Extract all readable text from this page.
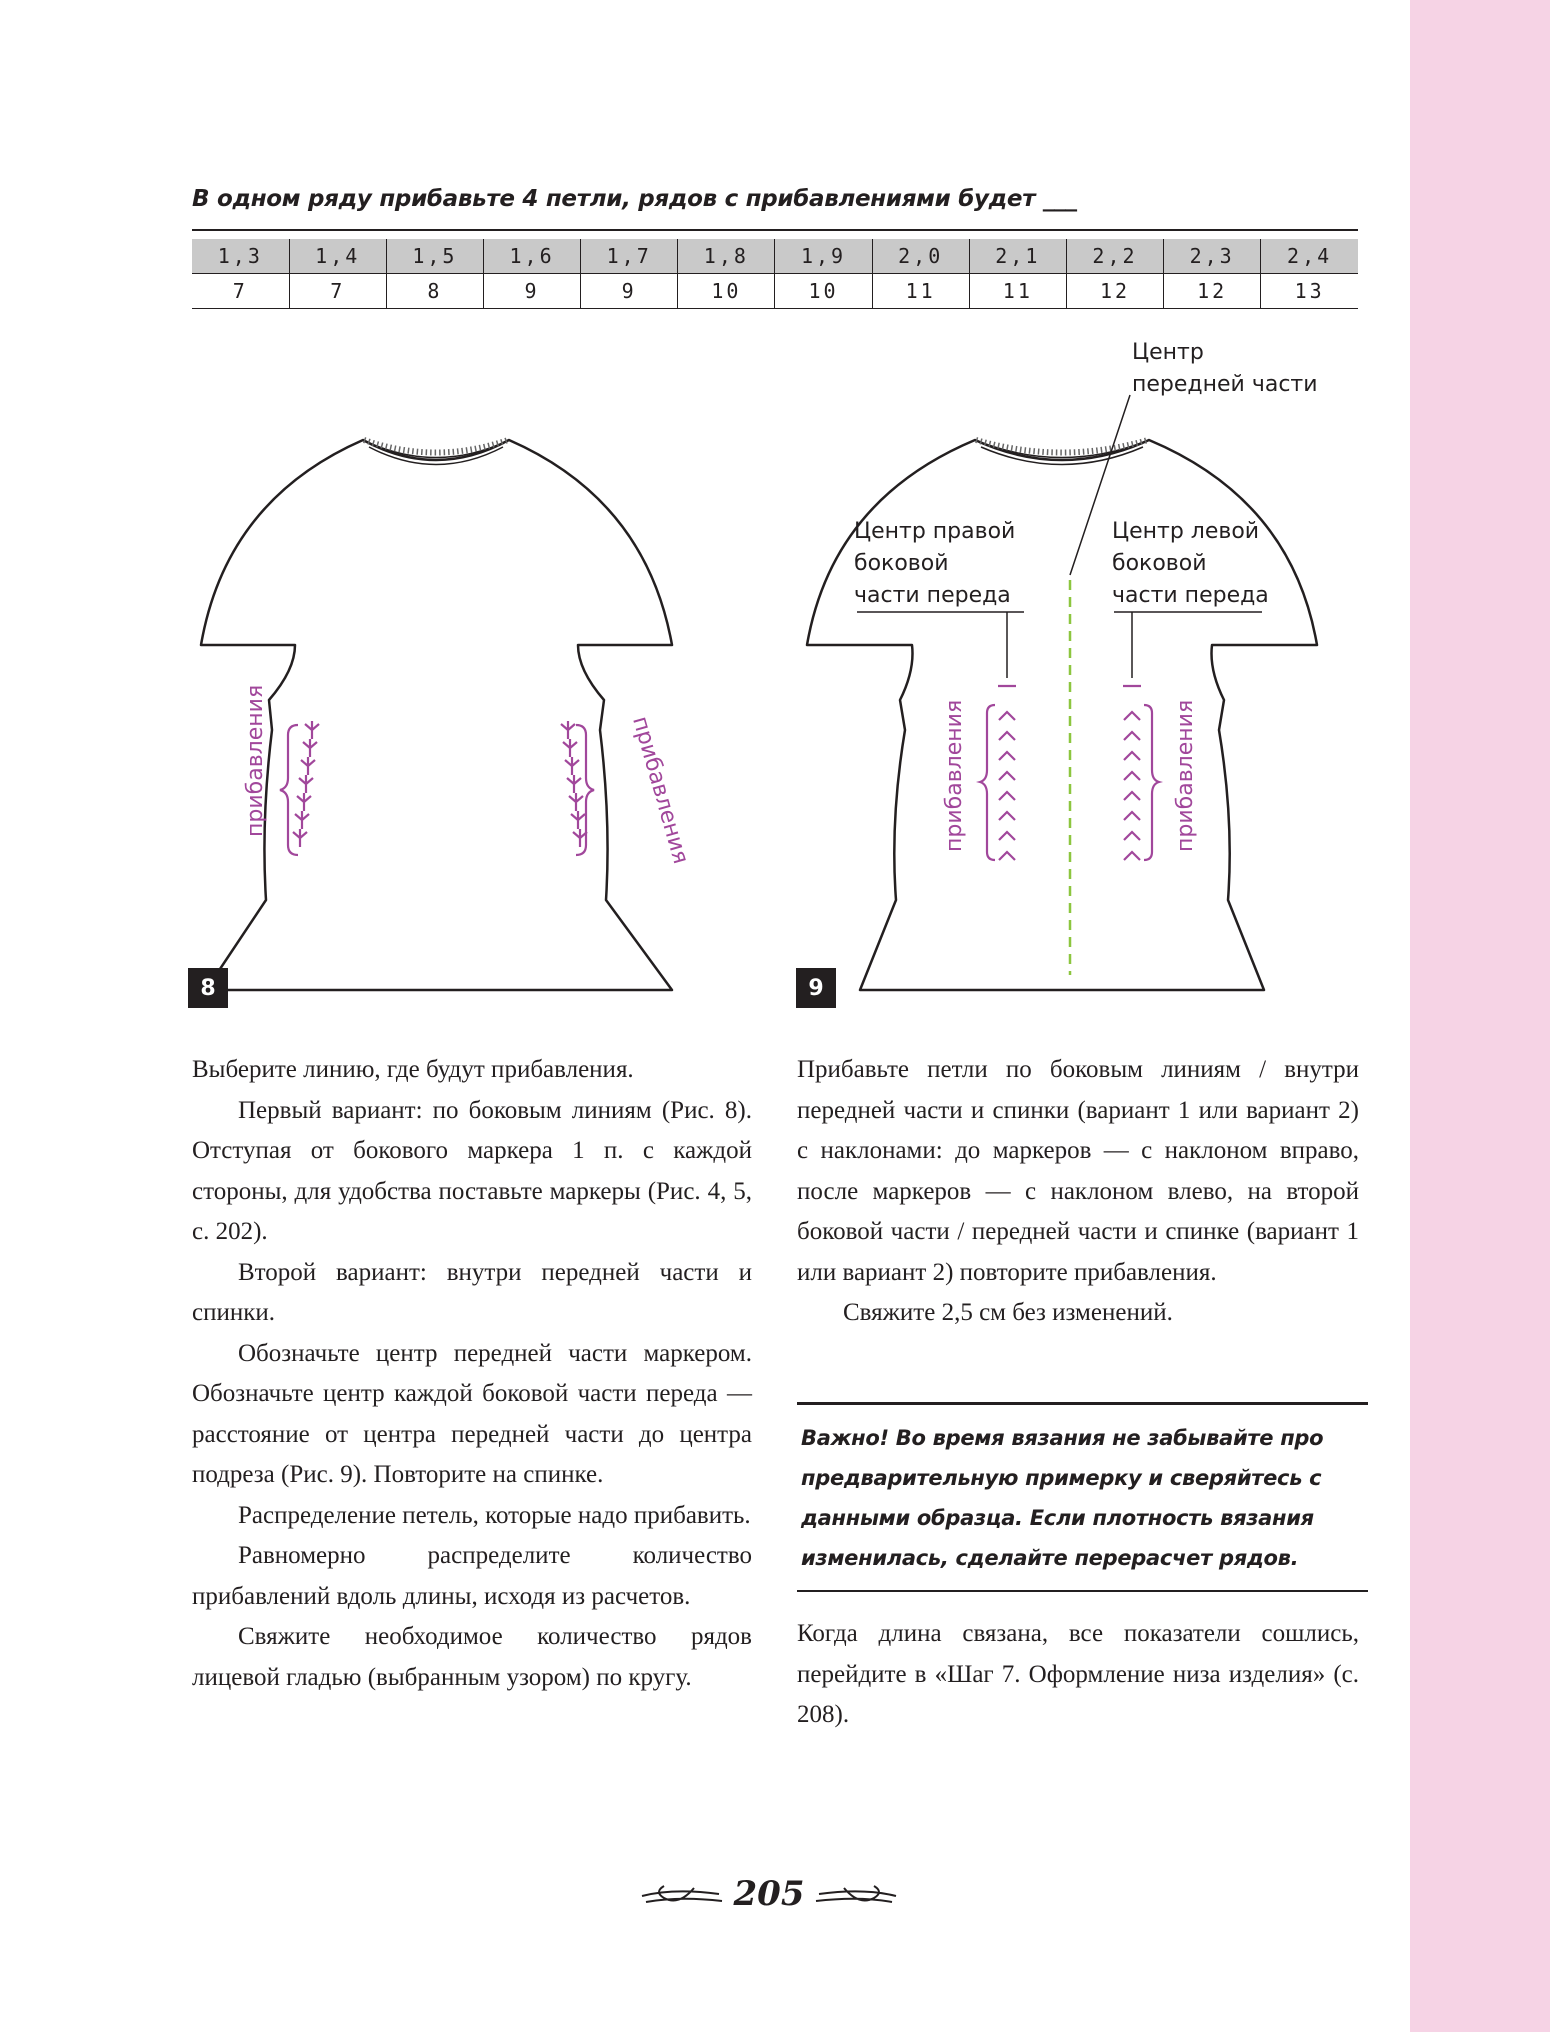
В одном ряду прибавьте 4 петли, рядов с прибавлениями будет ___
1,3	1,4	1,5	1,6	1,7	1,8	1,9	2,0	2,1	2,2	2,3	2,4
7	7	8	9	9	10	10	11	11	12	12	13
прибавления	прибавления
8
Центр
передней части
Центр правой
боковой
части переда
Центр левой
боковой
части переда
прибавления	прибавления
9

Выберите линию, где будут прибавления.

Первый вариант: по боковым линиям (Рис. 8). Отступая от бокового маркера 1 п. с каждой стороны, для удобства поставьте маркеры (Рис. 4, 5, с. 202).

Второй вариант: внутри передней части и спинки.

Обозначьте центр передней части маркером. Обозначьте центр каждой боковой части переда — расстояние от центра передней части до центра подреза (Рис. 9). Повторите на спинке.

Распределение петель, которые надо прибавить.

Равномерно распределите количество прибавлений вдоль длины, исходя из расчетов.

Свяжите необходимое количество рядов лицевой гладью (выбранным узором) по кругу.

Прибавьте петли по боковым линиям / внутри передней части и спинки (вариант 1 или вариант 2) с наклонами: до маркеров — с наклоном вправо, после маркеров — с наклоном влево, на второй боковой части / передней части и спинке (вариант 1 или вариант 2) повторите прибавления.

Свяжите 2,5 см без изменений.

Важно! Во время вязания не забывайте про предварительную примерку и сверяйтесь с данными образца. Если плотность вязания изменилась, сделайте перерасчет рядов.

Когда длина связана, все показатели сошлись, перейдите в «Шаг 7. Оформление низа изделия» (с. 208).

205
